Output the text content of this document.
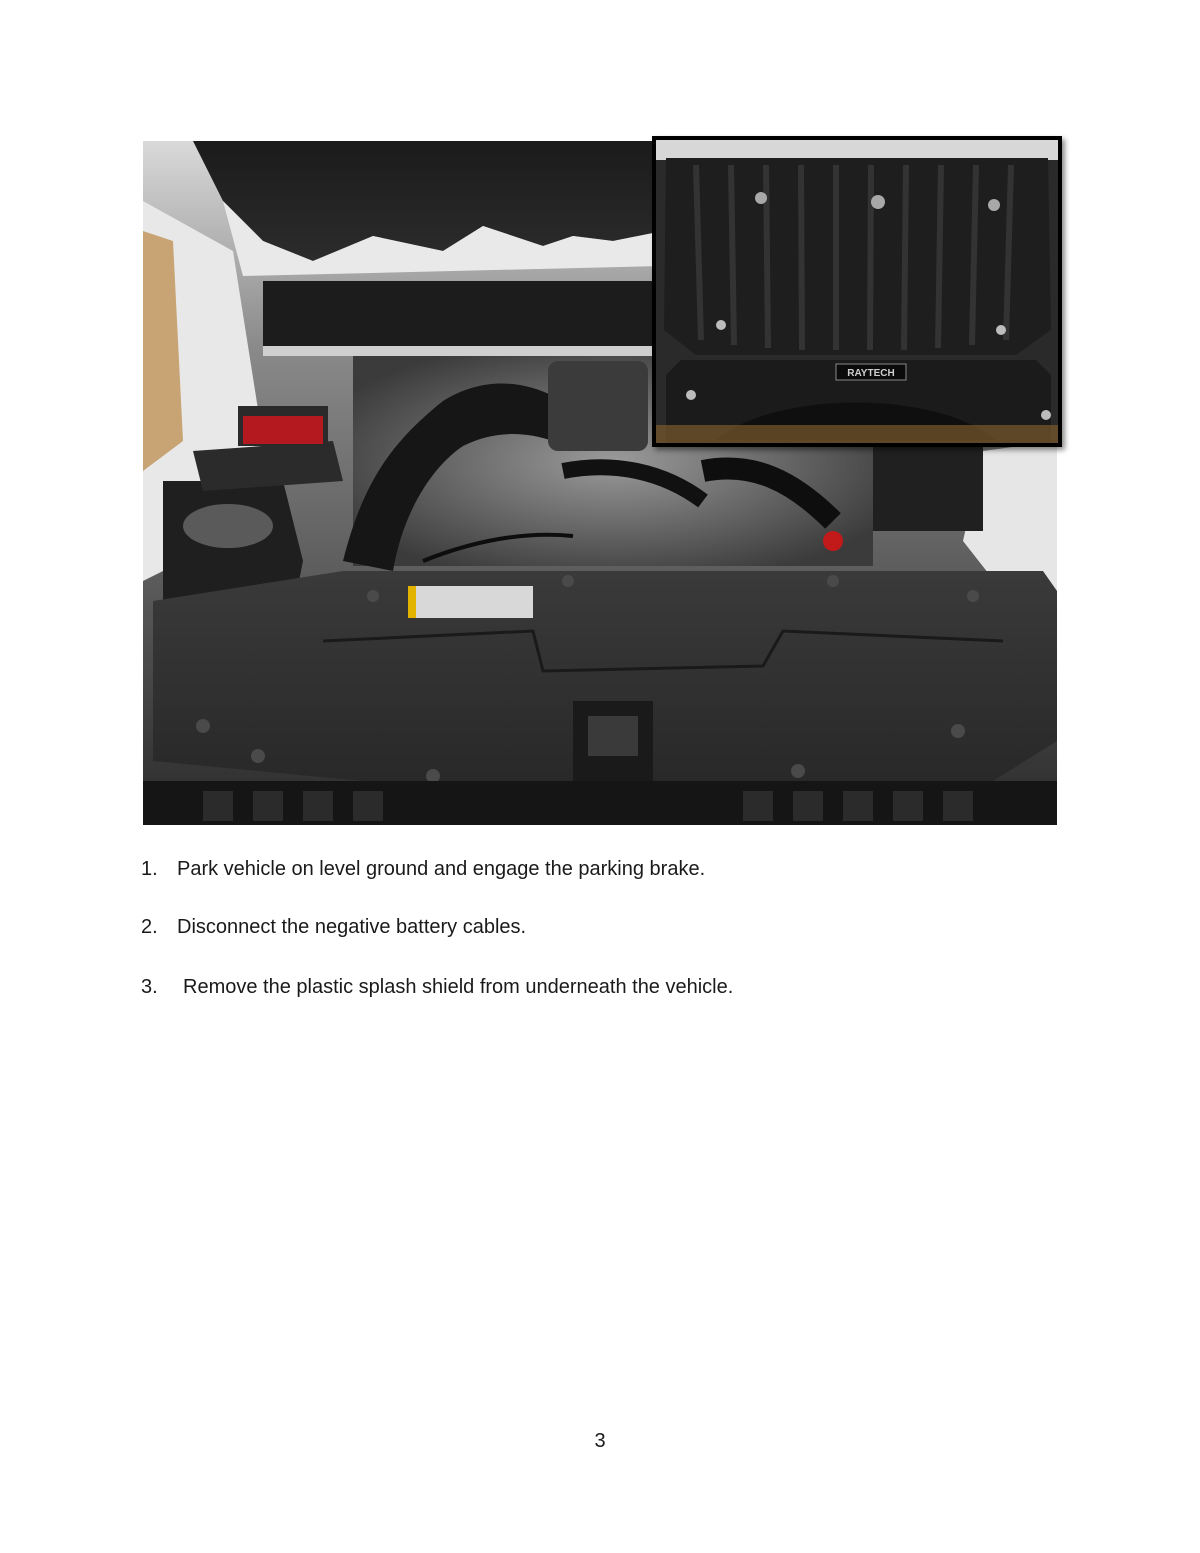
RAYTECH
1. Park vehicle on level ground and engage the parking brake.
2. Disconnect the negative battery cables.
3. Remove the plastic splash shield from underneath the vehicle.
3
